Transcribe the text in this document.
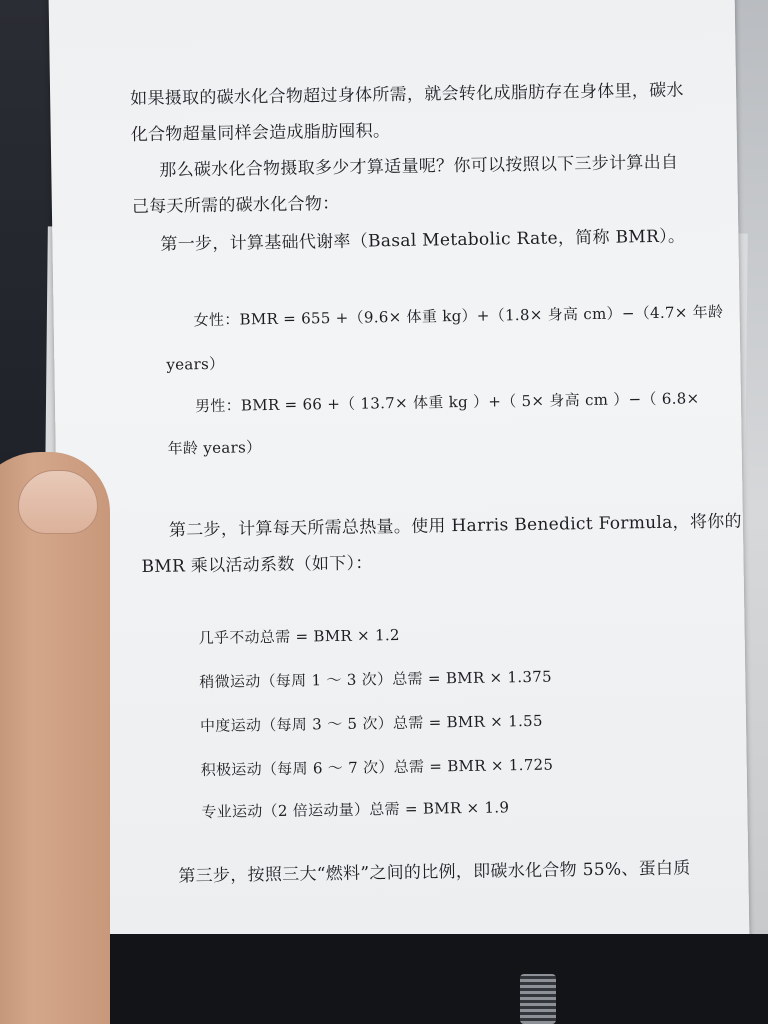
如果摄取的碳水化合物超过身体所需，就会转化成脂肪存在身体里，碳水
化合物超量同样会造成脂肪囤积。
那么碳水化合物摄取多少才算适量呢？你可以按照以下三步计算出自
己每天所需的碳水化合物：
第一步，计算基础代谢率（Basal Metabolic Rate，简称 BMR）。
女性：BMR = 655 +（9.6× 体重 kg）+（1.8× 身高 cm）−（4.7× 年龄
years）
男性：BMR = 66 +（ 13.7× 体重 kg ）+（ 5× 身高 cm ）−（ 6.8×
年龄 years）
第二步，计算每天所需总热量。使用 Harris Benedict Formula，将你的
BMR 乘以活动系数（如下）：
几乎不动总需 = BMR × 1.2
稍微运动（每周 1 ～ 3 次）总需 = BMR × 1.375
中度运动（每周 3 ～ 5 次）总需 = BMR × 1.55
积极运动（每周 6 ～ 7 次）总需 = BMR × 1.725
专业运动（2 倍运动量）总需 = BMR × 1.9
第三步，按照三大“燃料”之间的比例，即碳水化合物 55%、蛋白质
